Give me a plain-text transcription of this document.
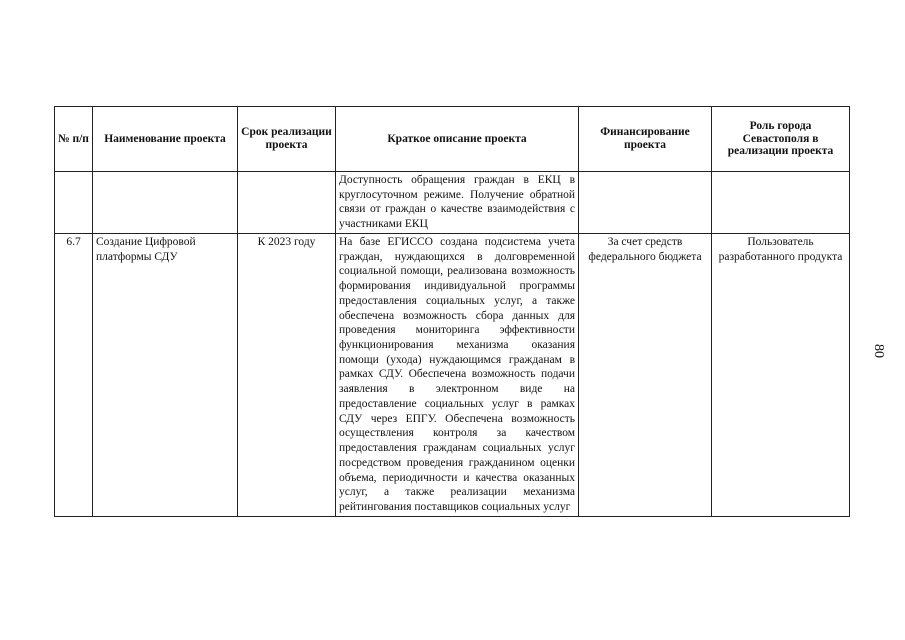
№ п/п	Наименование проекта	Срок реализации проекта	Краткое описание проекта	Финансирование проекта	Роль города Севастополя в реализации проекта
			Доступность обращения граждан в ЕКЦ в круглосуточном режиме. Получение обратной связи от граждан о качестве взаимодействия с участниками ЕКЦ		
6.7	Создание Цифровой платформы СДУ	К 2023 году	На базе ЕГИССО создана подсистема учета граждан, нуждающихся в долговременной социальной помощи, реализована возможность формирования индивидуальной программы предоставления социальных услуг, а также обеспечена возможность сбора данных для проведения мониторинга эффективности функционирования механизма оказания помощи (ухода) нуждающимся гражданам в рамках СДУ. Обеспечена возможность подачи заявления в электронном виде на предоставление социальных услуг в рамках СДУ через ЕПГУ. Обеспечена возможность осуществления контроля за качеством предоставления гражданам социальных услуг посредством проведения гражданином оценки объема, периодичности и качества оказанных услуг, а также реализации механизма рейтингования поставщиков социальных услуг	За счет средств федерального бюджета	Пользователь разработанного продукта
80
